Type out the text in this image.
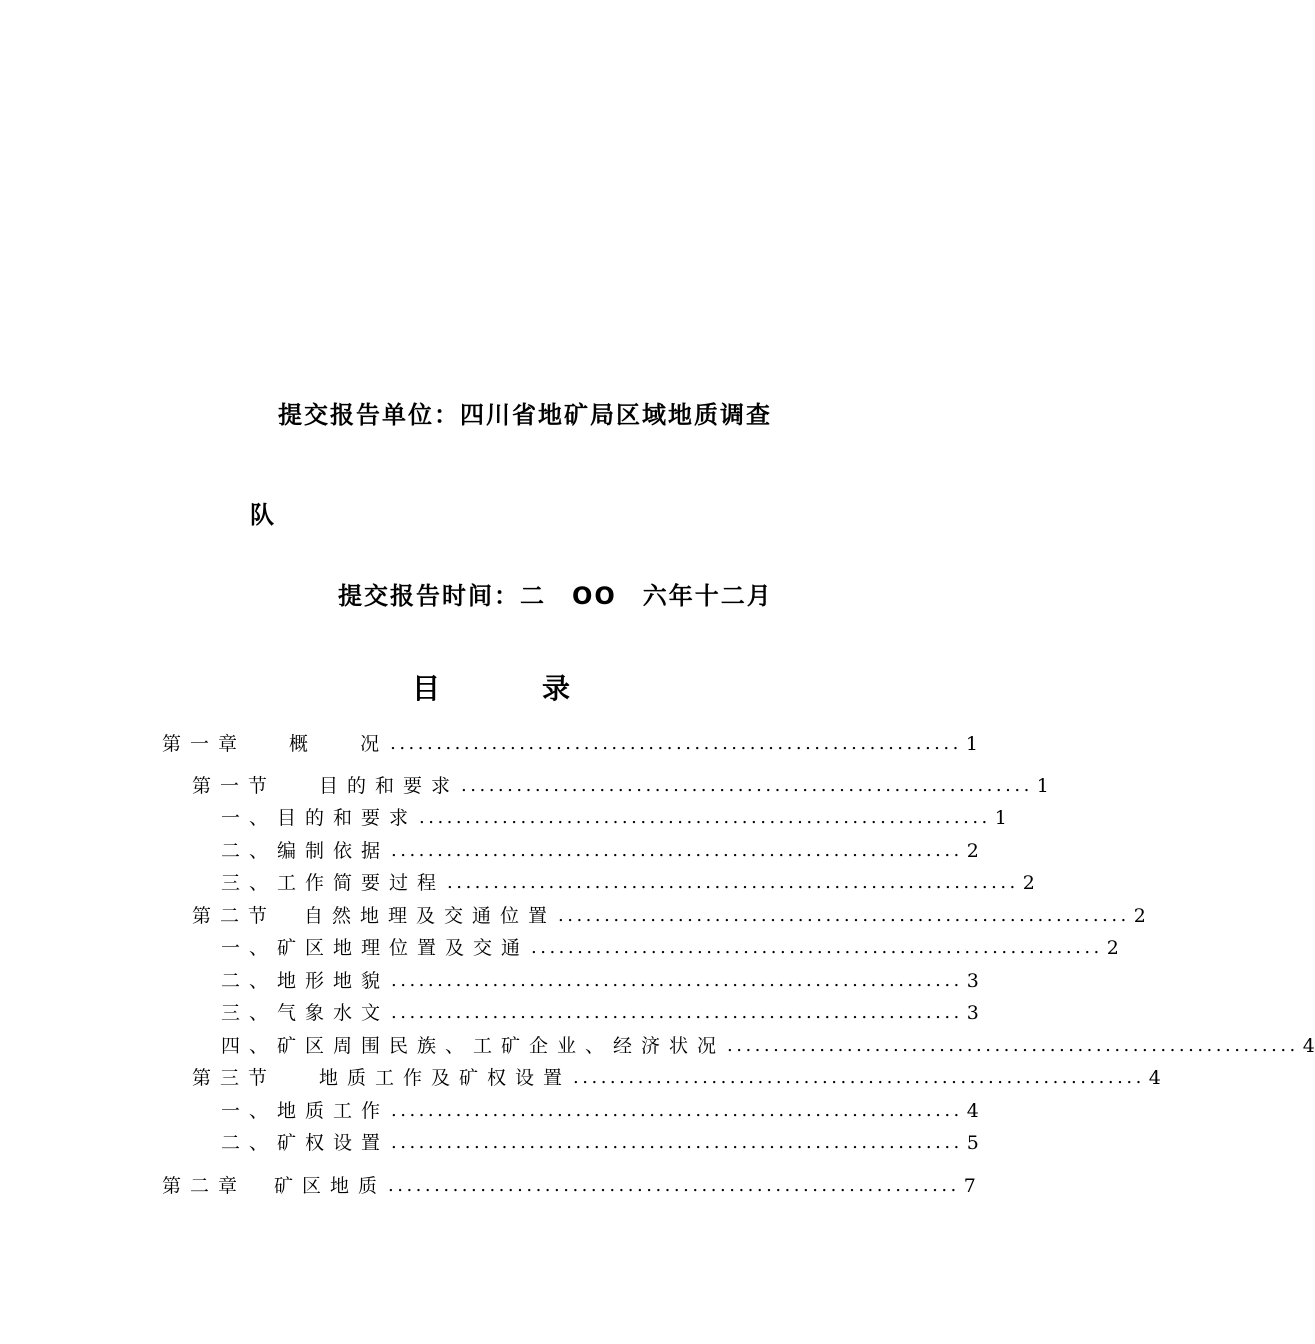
提交报告单位：四川省地矿局区域地质调查
队
提交报告时间：二　OO　六年十二月
目	录
第一章　 概　 况 .............................................................. 1
第一节　 目的和要求 .............................................................. 1
一、目的和要求 .............................................................. 1
二、编制依据 .............................................................. 2
三、工作简要过程 .............................................................. 2
第二节　自然地理及交通位置 .............................................................. 2
一、矿区地理位置及交通 .............................................................. 2
二、地形地貌 .............................................................. 3
三、气象水文 .............................................................. 3
四、矿区周围民族、工矿企业、经济状况 .............................................................. 4
第三节　 地质工作及矿权设置 .............................................................. 4
一、地质工作 .............................................................. 4
二、矿权设置 .............................................................. 5
第二章　矿区地质 .............................................................. 7
